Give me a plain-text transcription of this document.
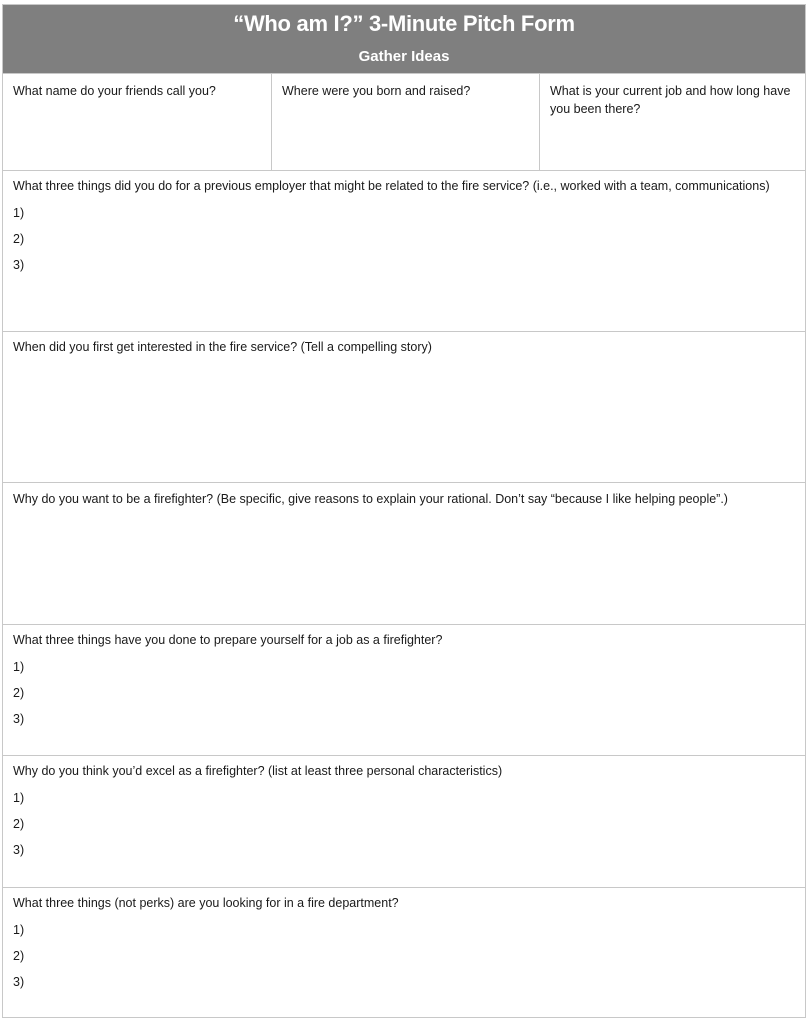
“Who am I?” 3-Minute Pitch Form
Gather Ideas
What name do your friends call you?	Where were you born and raised?	What is your current job and how long have you been there?
What three things did you do for a previous employer that might be related to the fire service? (i.e., worked with a team, communications)
1)
2)
3)
When did you first get interested in the fire service? (Tell a compelling story)
Why do you want to be a firefighter? (Be specific, give reasons to explain your rational. Don’t say “because I like helping people”.)
What three things have you done to prepare yourself for a job as a firefighter?
1)
2)
3)
Why do you think you’d excel as a firefighter? (list at least three personal characteristics)
1)
2)
3)
What three things (not perks) are you looking for in a fire department?
1)
2)
3)
